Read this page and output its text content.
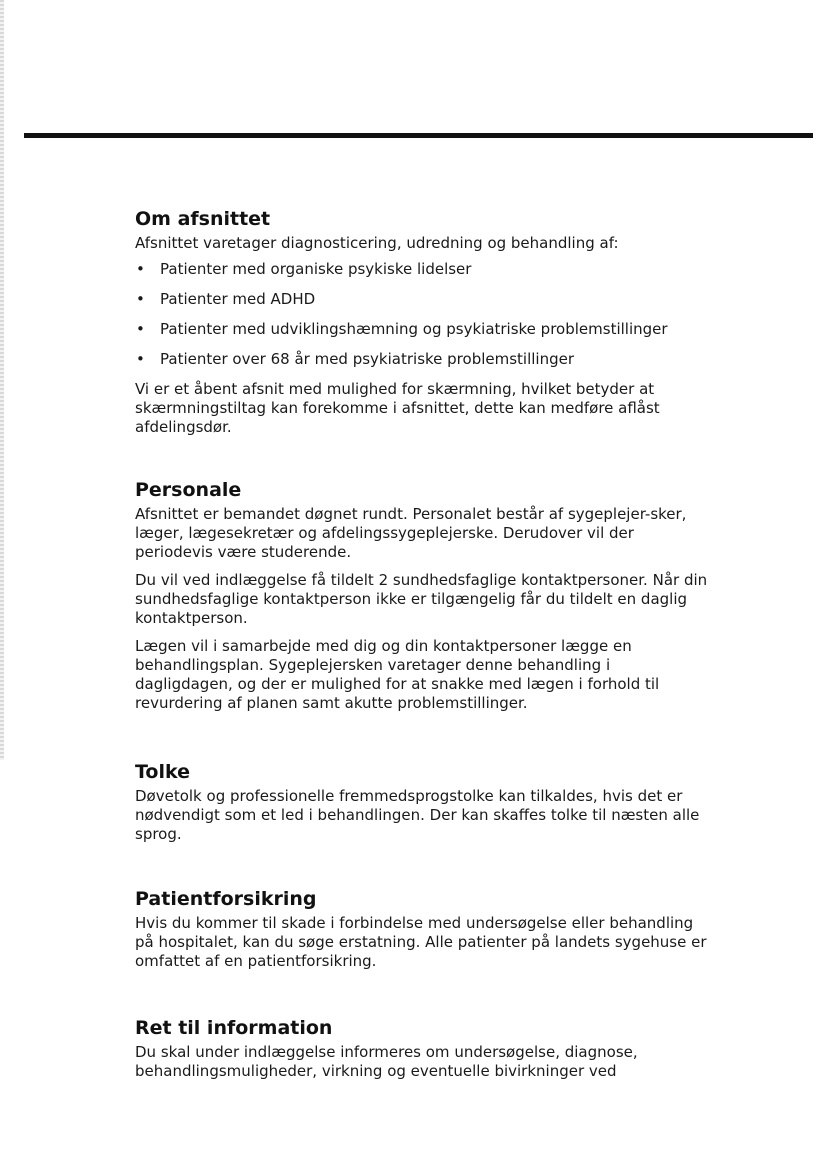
Om afsnittet

Afsnittet varetager diagnosticering, udredning og behandling af:

• Patienter med organiske psykiske lidelser
• Patienter med ADHD
• Patienter med udviklingshæmning og psykiatriske problemstillinger
• Patienter over 68 år med psykiatriske problemstillinger

Vi er et åbent afsnit med mulighed for skærmning, hvilket betyder at skærmningstiltag kan forekomme i afsnittet, dette kan medføre aflåst afdelingsdør.

Personale

Afsnittet er bemandet døgnet rundt. Personalet består af sygeplejer-sker, læger, lægesekretær og afdelingssygeplejerske. Derudover vil der periodevis være studerende.

Du vil ved indlæggelse få tildelt 2 sundhedsfaglige kontaktpersoner. Når din sundhedsfaglige kontaktperson ikke er tilgængelig får du tildelt en daglig kontaktperson.

Lægen vil i samarbejde med dig og din kontaktpersoner lægge en behandlingsplan. Sygeplejersken varetager denne behandling i dagligdagen, og der er mulighed for at snakke med lægen i forhold til revurdering af planen samt akutte problemstillinger.

Tolke

Døvetolk og professionelle fremmedsprogstolke kan tilkaldes, hvis det er nødvendigt som et led i behandlingen. Der kan skaffes tolke til næsten alle sprog.

Patientforsikring

Hvis du kommer til skade i forbindelse med undersøgelse eller behandling på hospitalet, kan du søge erstatning. Alle patienter på landets sygehuse er omfattet af en patientforsikring.

Ret til information

Du skal under indlæggelse informeres om undersøgelse, diagnose, behandlingsmuligheder, virkning og eventuelle bivirkninger ved
